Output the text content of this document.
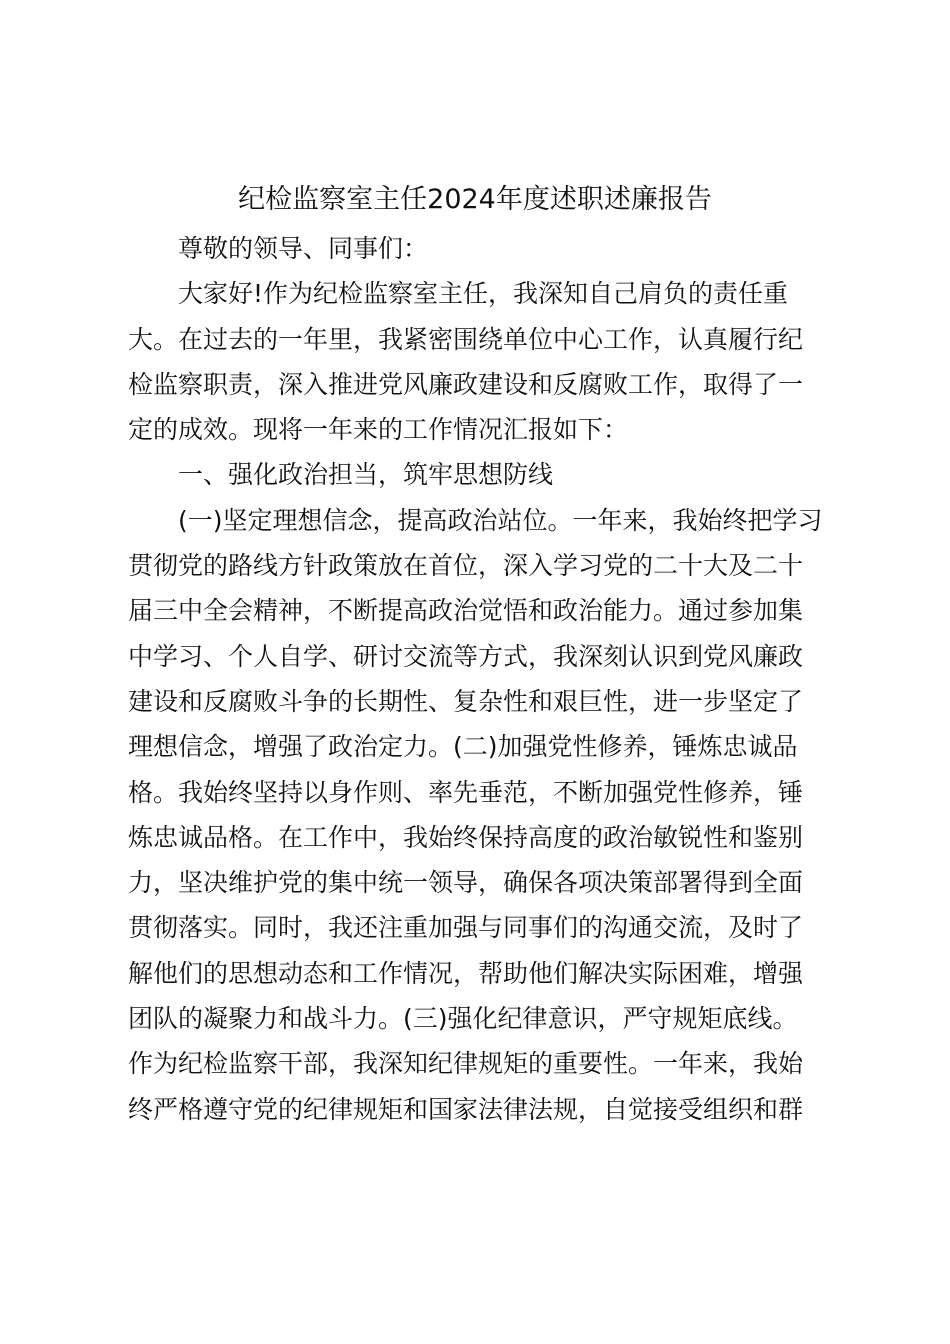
纪检监察室主任2024年度述职述廉报告
尊敬的领导、同事们：
大家好!作为纪检监察室主任，我深知自己肩负的责任重
大。在过去的一年里，我紧密围绕单位中心工作，认真履行纪
检监察职责，深入推进党风廉政建设和反腐败工作，取得了一
定的成效。现将一年来的工作情况汇报如下：
一、强化政治担当，筑牢思想防线
(一)坚定理想信念，提高政治站位。一年来，我始终把学习
贯彻党的路线方针政策放在首位，深入学习党的二十大及二十
届三中全会精神，不断提高政治觉悟和政治能力。通过参加集
中学习、个人自学、研讨交流等方式，我深刻认识到党风廉政
建设和反腐败斗争的长期性、复杂性和艰巨性，进一步坚定了
理想信念，增强了政治定力。(二)加强党性修养，锤炼忠诚品
格。我始终坚持以身作则、率先垂范，不断加强党性修养，锤
炼忠诚品格。在工作中，我始终保持高度的政治敏锐性和鉴别
力，坚决维护党的集中统一领导，确保各项决策部署得到全面
贯彻落实。同时，我还注重加强与同事们的沟通交流，及时了
解他们的思想动态和工作情况，帮助他们解决实际困难，增强
团队的凝聚力和战斗力。(三)强化纪律意识，严守规矩底线。
作为纪检监察干部，我深知纪律规矩的重要性。一年来，我始
终严格遵守党的纪律规矩和国家法律法规，自觉接受组织和群
